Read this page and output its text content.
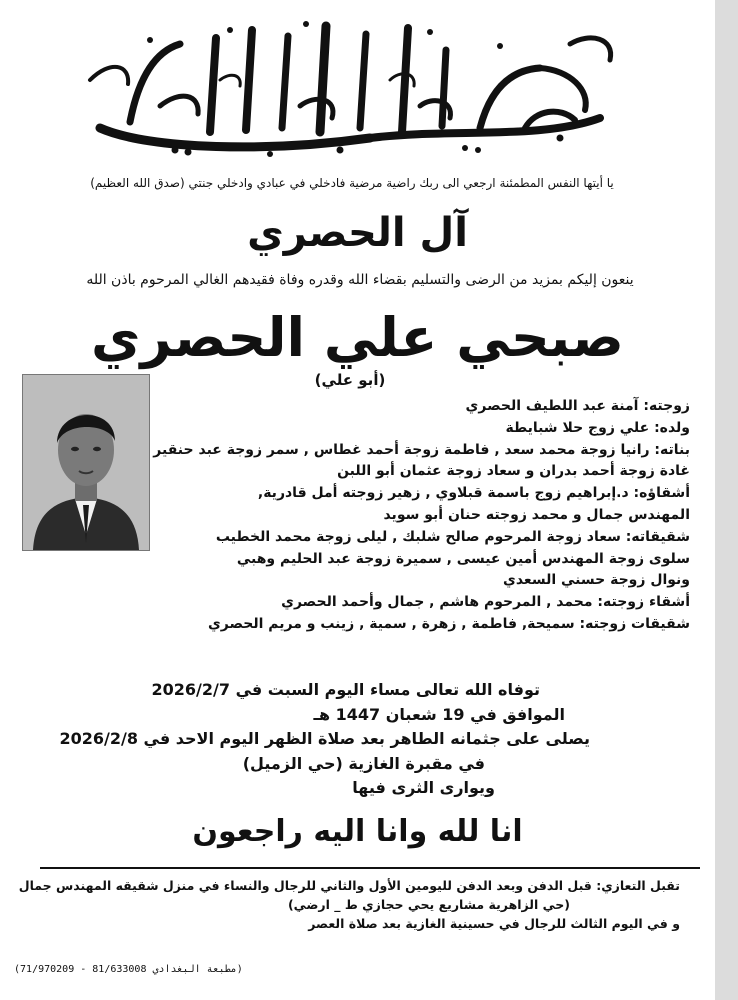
يا أيتها النفس المطمئنة ارجعي الى ربك راضية مرضية فادخلي في عبادي وادخلي جنتي (صدق الله العظيم)
آل الحصري
ينعون إليكم بمزيد من الرضى والتسليم بقضاء الله وقدره وفاة فقيدهم الغالي المرحوم باذن الله
صبحي علي الحصري
(أبو علي)
زوجته: آمنة عبد اللطيف الحصري
ولده: علي زوج حلا شبايطة
بناته: رانيا زوجة محمد سعد , فاطمة زوجة أحمد غطاس , سمر زوجة عبد حنقير
غادة زوجة أحمد بدران و سعاد زوجة عثمان أبو اللبن
أشقاؤه: د.إبراهيم زوج باسمة قبلاوي , زهير زوجته أمل قادرية,
المهندس جمال و محمد زوجته حنان أبو سويد
شقيقاته: سعاد زوجة المرحوم صالح شلبك , ليلى زوجة محمد الخطيب
سلوى زوجة المهندس أمين عيسى , سميرة زوجة عبد الحليم وهبي
ونوال زوجة حسني السعدي
أشقاء زوجته: محمد , المرحوم هاشم , جمال وأحمد الحصري
شقيقات زوجته: سميحة, فاطمة , زهرة , سمية , زينب و مريم الحصري
توفاه الله تعالى مساء اليوم السبت في 2026/2/7
الموافق في 19 شعبان 1447 هـ
يصلى على جثمانه الطاهر بعد صلاة الظهر اليوم الاحد في 2026/2/8
في مقبرة الغازية (حي الزميل)
ويوارى الثرى فيها
انا لله وانا اليه راجعون
تقبل التعازي: قبل الدفن وبعد الدفن لليومين الأول والثاني للرجال والنساء في منزل شقيقه المهندس جمال
(حي الزاهرية مشاريع يحي حجازي ط _ ارضي)
و في اليوم الثالث للرجال في حسينية الغازية بعد صلاة العصر
(مطبعة البغدادي 81/633008 - 71/970209)
